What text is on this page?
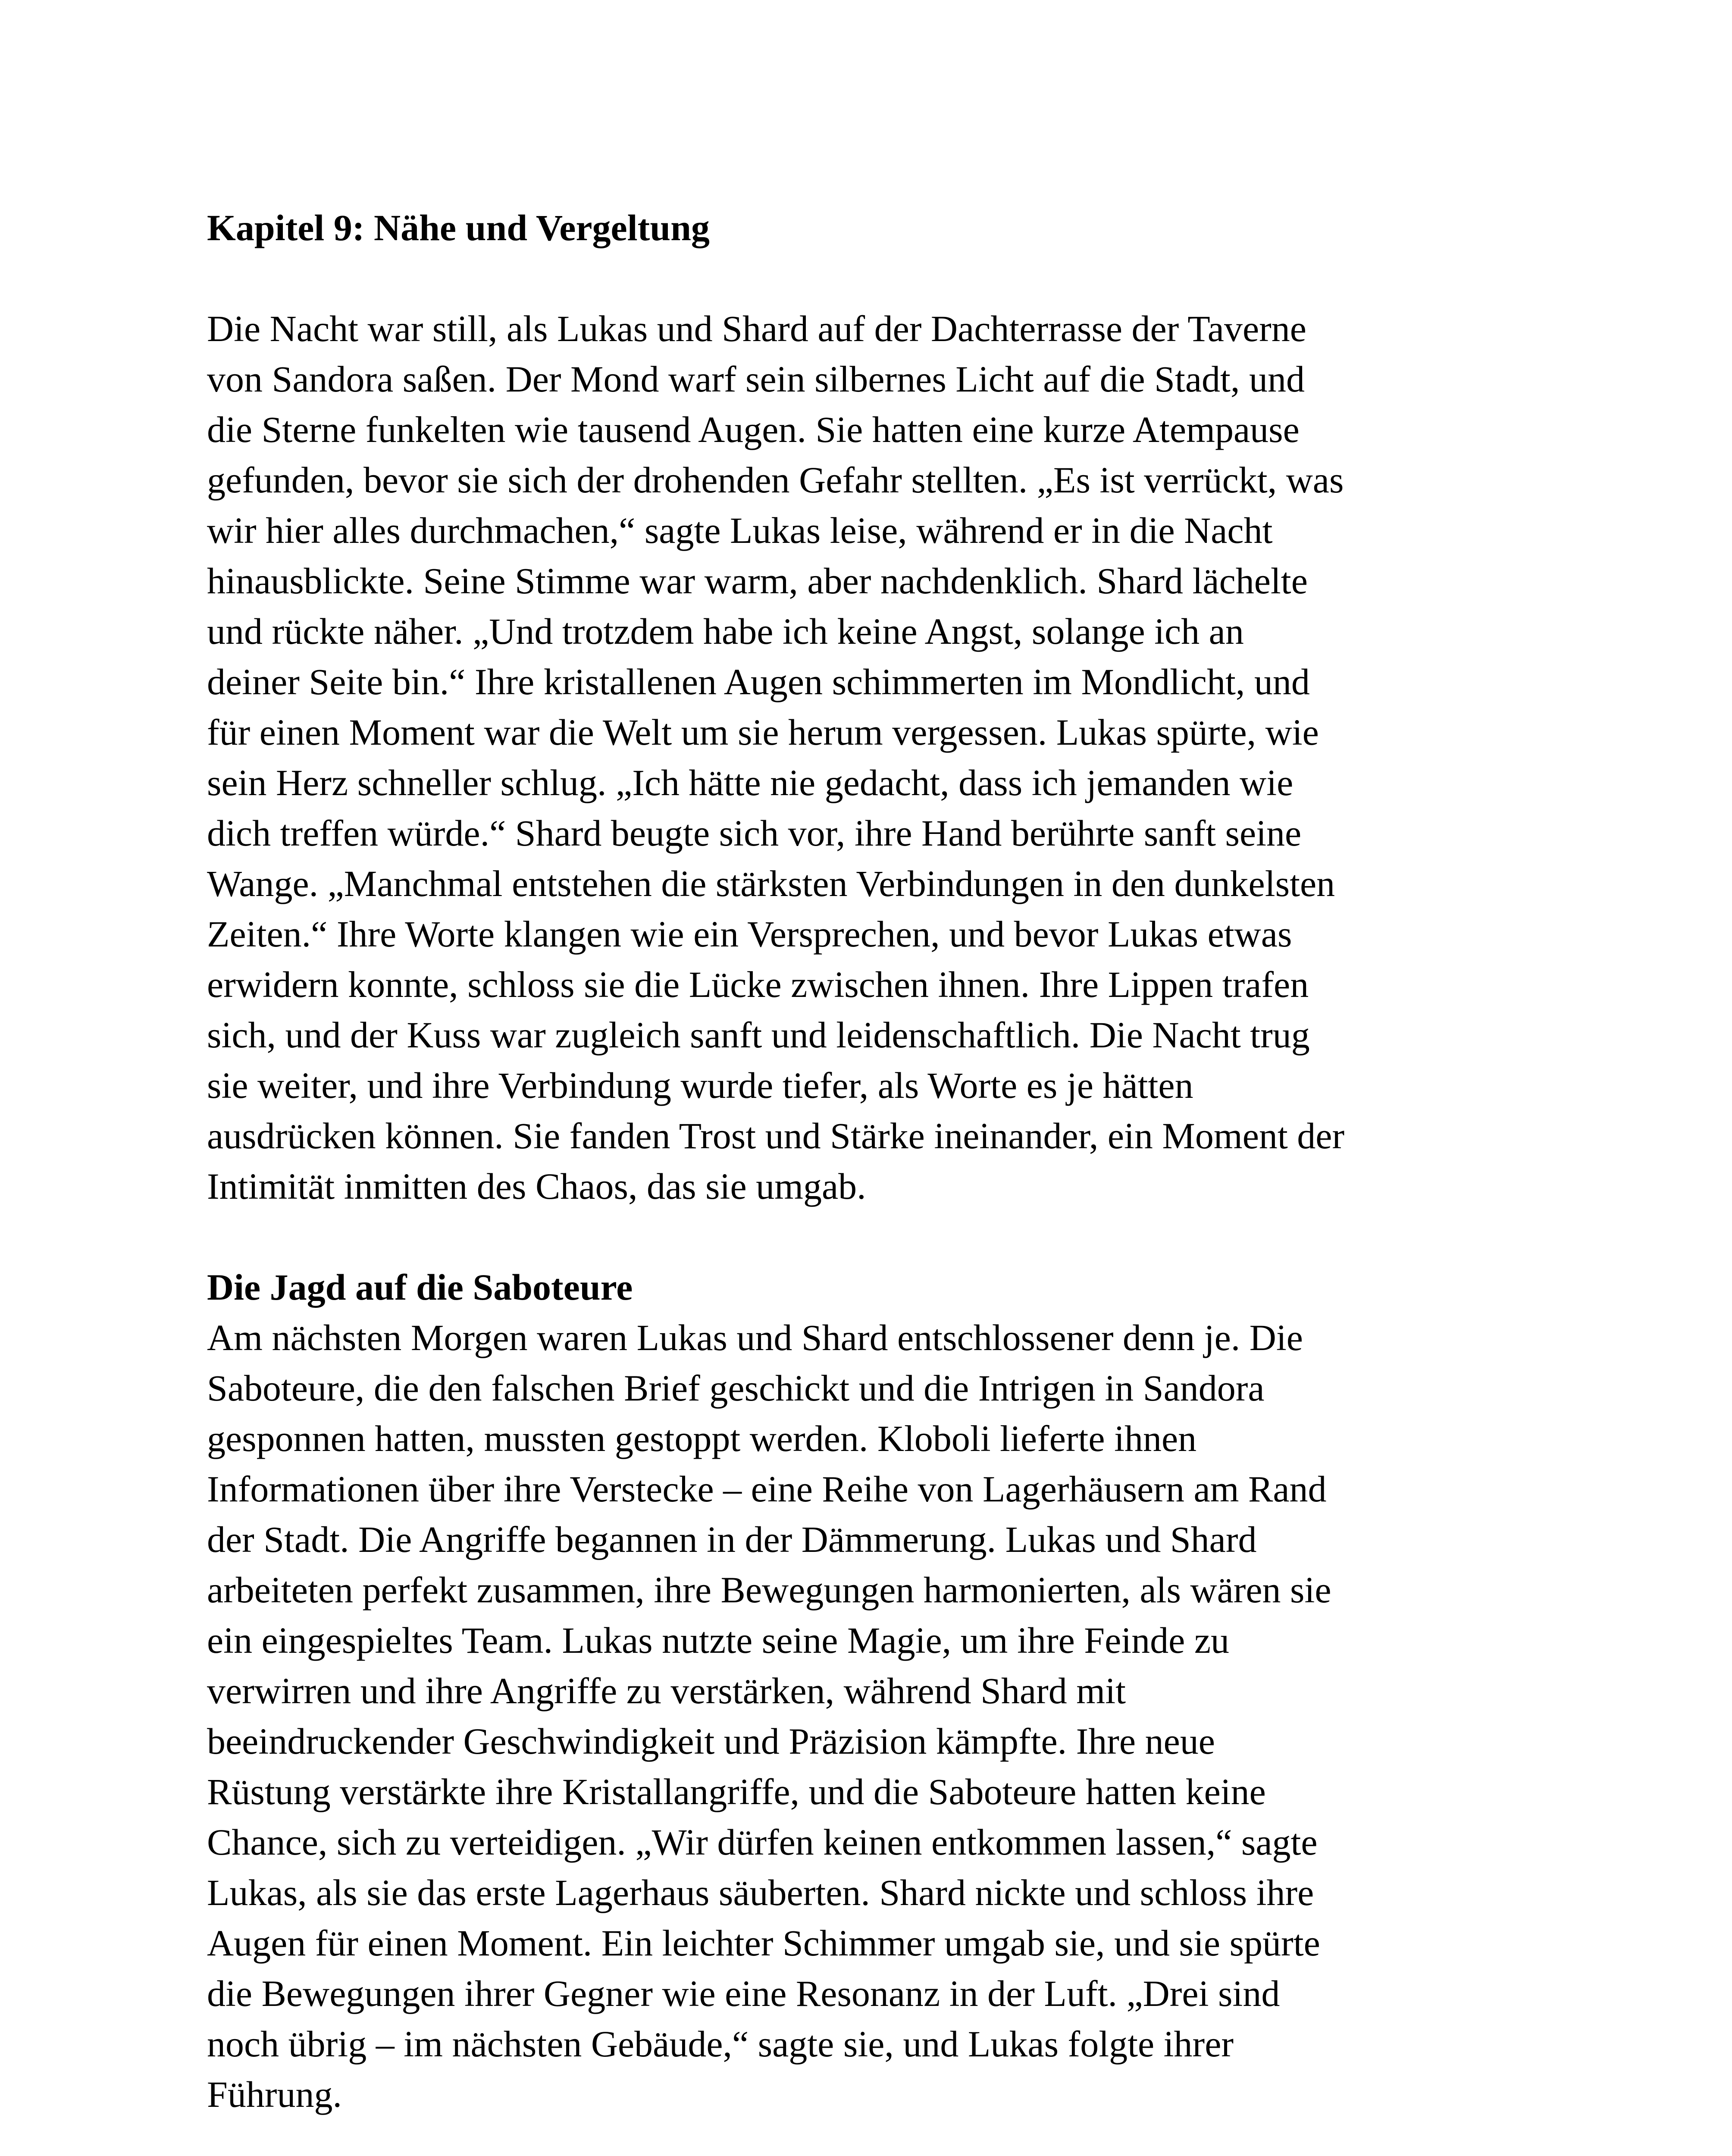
Kapitel 9: Nähe und Vergeltung

Die Nacht war still, als Lukas und Shard auf der Dachterrasse der Taverne
von Sandora saßen. Der Mond warf sein silbernes Licht auf die Stadt, und
die Sterne funkelten wie tausend Augen. Sie hatten eine kurze Atempause
gefunden, bevor sie sich der drohenden Gefahr stellten. „Es ist verrückt, was
wir hier alles durchmachen,“ sagte Lukas leise, während er in die Nacht
hinausblickte. Seine Stimme war warm, aber nachdenklich. Shard lächelte
und rückte näher. „Und trotzdem habe ich keine Angst, solange ich an
deiner Seite bin.“ Ihre kristallenen Augen schimmerten im Mondlicht, und
für einen Moment war die Welt um sie herum vergessen. Lukas spürte, wie
sein Herz schneller schlug. „Ich hätte nie gedacht, dass ich jemanden wie
dich treffen würde.“ Shard beugte sich vor, ihre Hand berührte sanft seine
Wange. „Manchmal entstehen die stärksten Verbindungen in den dunkelsten
Zeiten.“ Ihre Worte klangen wie ein Versprechen, und bevor Lukas etwas
erwidern konnte, schloss sie die Lücke zwischen ihnen. Ihre Lippen trafen
sich, und der Kuss war zugleich sanft und leidenschaftlich. Die Nacht trug
sie weiter, und ihre Verbindung wurde tiefer, als Worte es je hätten
ausdrücken können. Sie fanden Trost und Stärke ineinander, ein Moment der
Intimität inmitten des Chaos, das sie umgab.

Die Jagd auf die Saboteure

Am nächsten Morgen waren Lukas und Shard entschlossener denn je. Die
Saboteure, die den falschen Brief geschickt und die Intrigen in Sandora
gesponnen hatten, mussten gestoppt werden. Kloboli lieferte ihnen
Informationen über ihre Verstecke – eine Reihe von Lagerhäusern am Rand
der Stadt. Die Angriffe begannen in der Dämmerung. Lukas und Shard
arbeiteten perfekt zusammen, ihre Bewegungen harmonierten, als wären sie
ein eingespieltes Team. Lukas nutzte seine Magie, um ihre Feinde zu
verwirren und ihre Angriffe zu verstärken, während Shard mit
beeindruckender Geschwindigkeit und Präzision kämpfte. Ihre neue
Rüstung verstärkte ihre Kristallangriffe, und die Saboteure hatten keine
Chance, sich zu verteidigen. „Wir dürfen keinen entkommen lassen,“ sagte
Lukas, als sie das erste Lagerhaus säuberten. Shard nickte und schloss ihre
Augen für einen Moment. Ein leichter Schimmer umgab sie, und sie spürte
die Bewegungen ihrer Gegner wie eine Resonanz in der Luft. „Drei sind
noch übrig – im nächsten Gebäude,“ sagte sie, und Lukas folgte ihrer
Führung.
